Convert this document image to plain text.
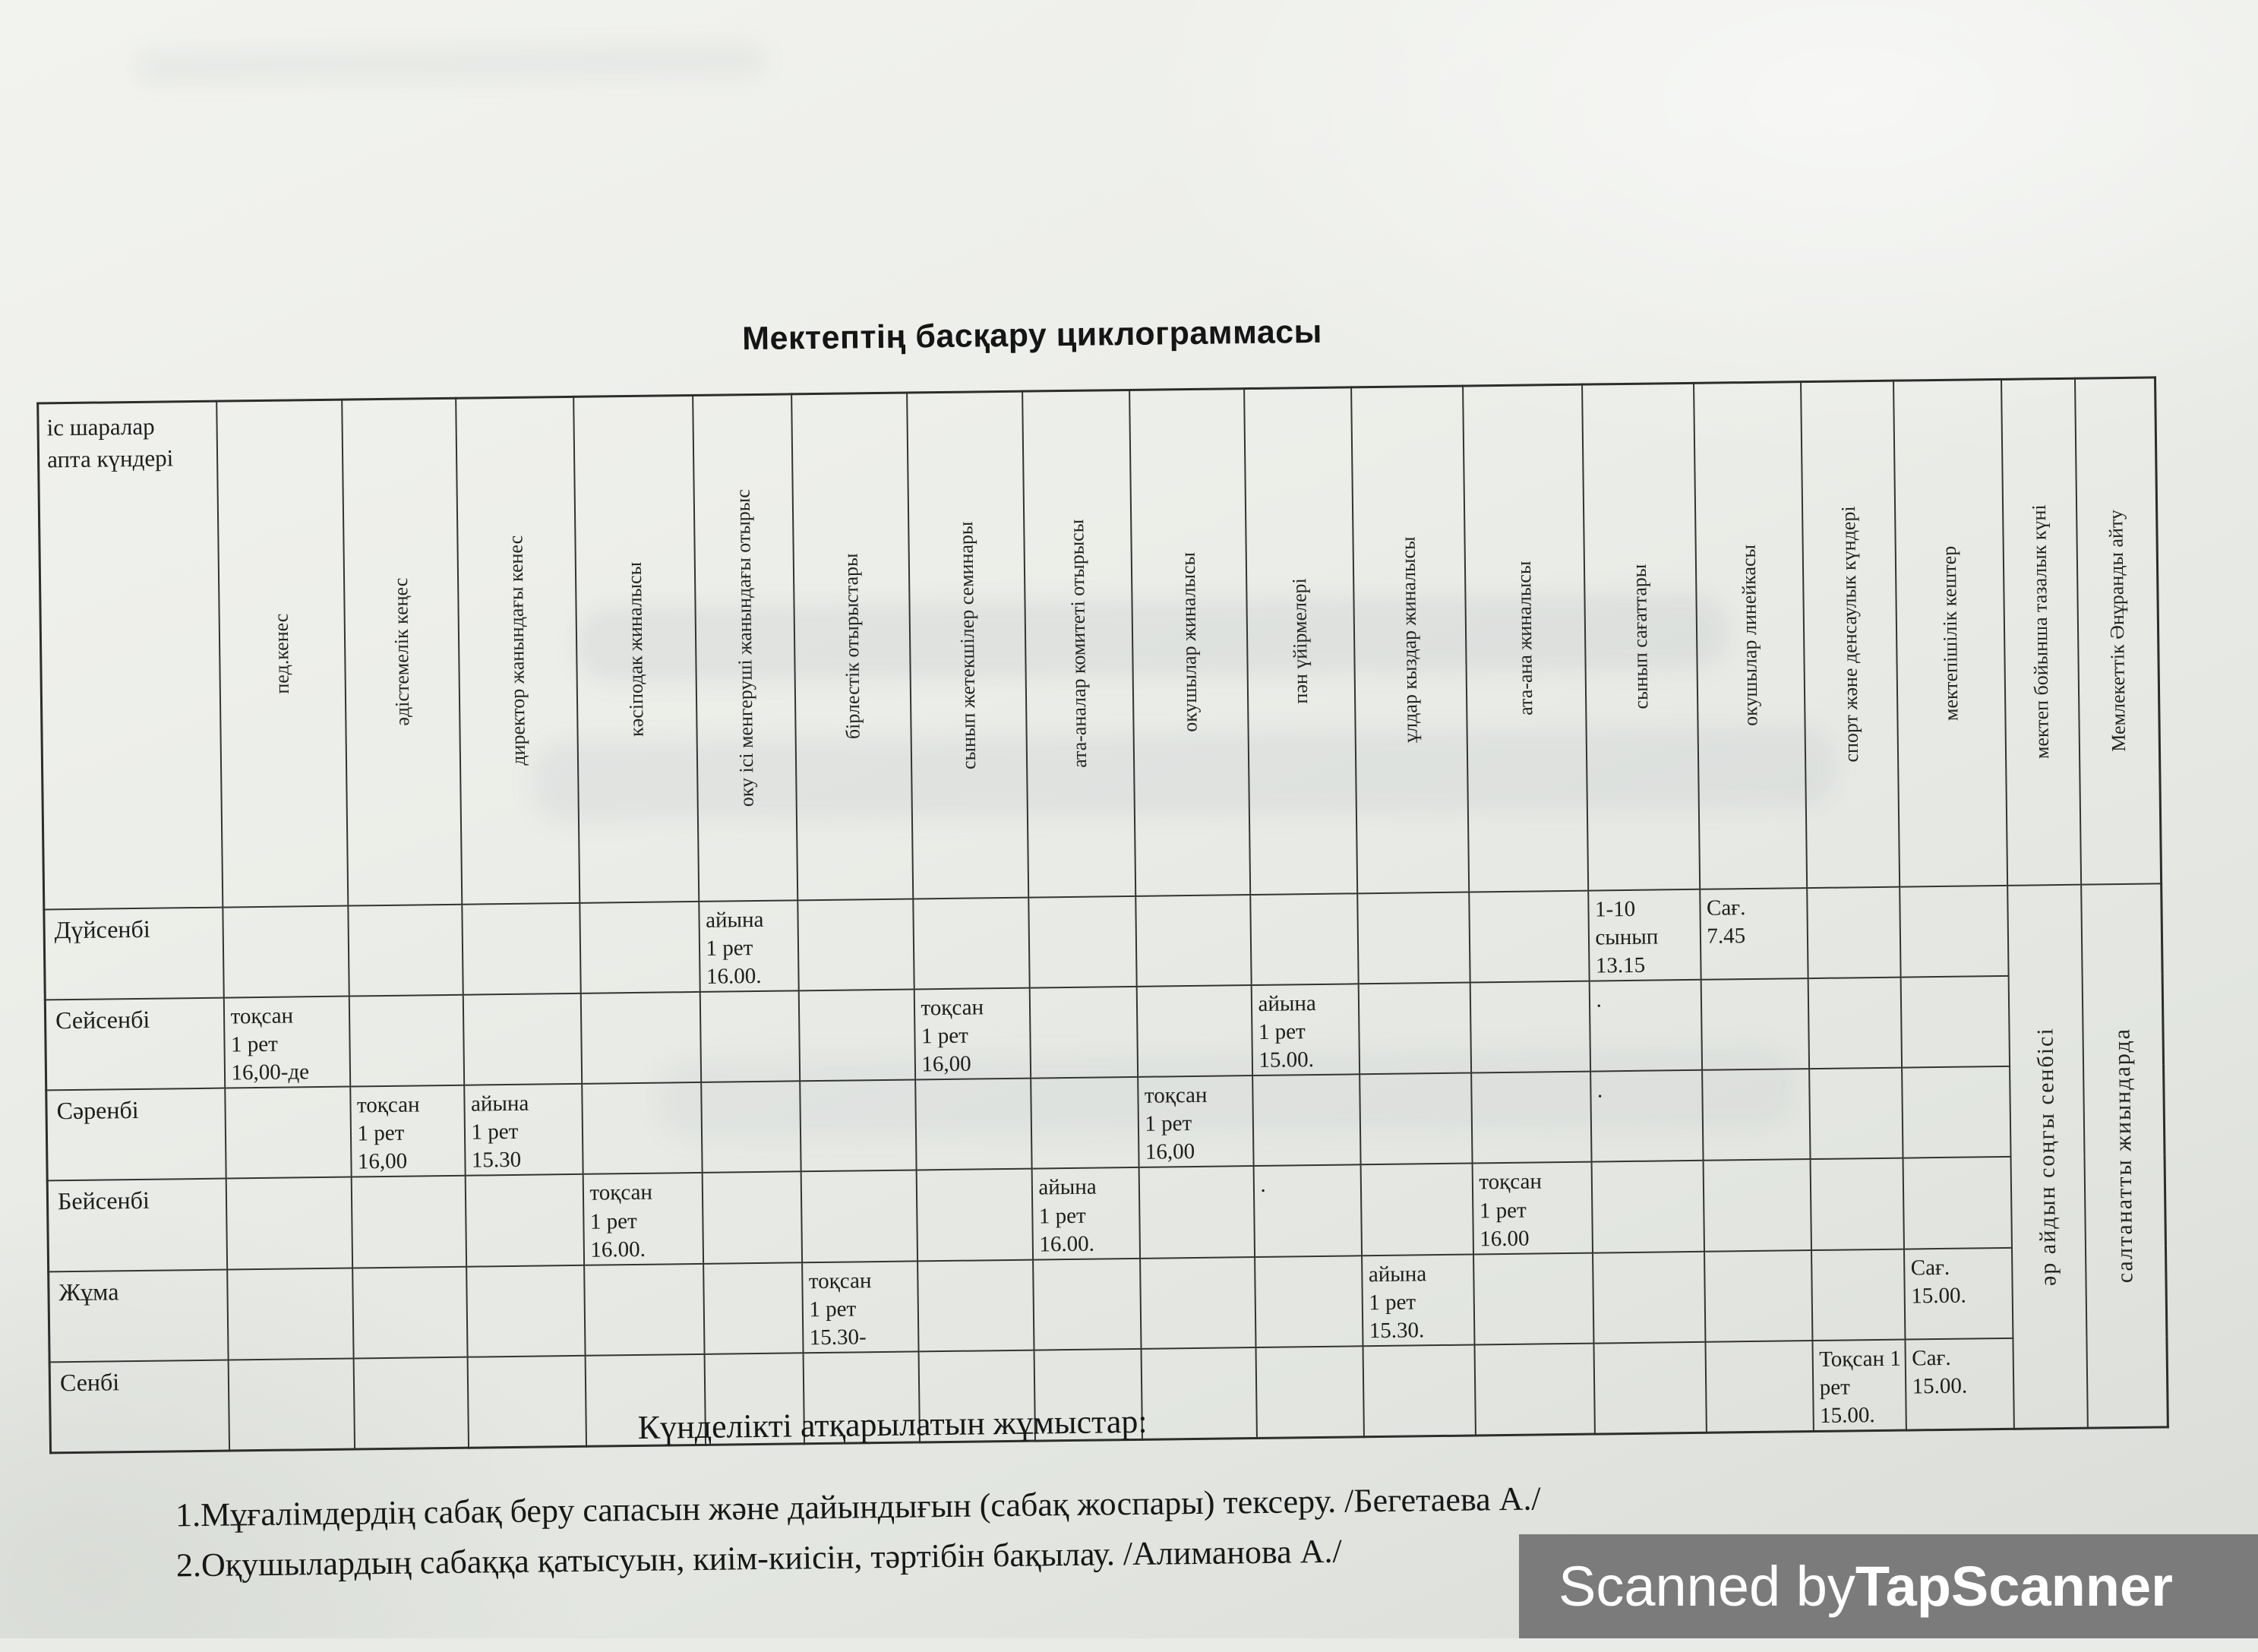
Мектептің басқару циклограммасы
іс шаралар
апта күндері	пед.кенес	әдістемелік кеңес	директор жанындағы кенес	кәсіподак жиналысы	оку ісі менгеруші жанындағы отырыс	бірлестік отырыстары	сынып жетекшілер семинары	ата-аналар комитеті отырысы	окушылар жиналысы	пән үйірмелері	ұлдар кыздар жиналысы	ата-ана жиналысы	сынып сағаттары	окушылар линейкасы	спорт және денсаулык күндері	мектепішілік кештер	мектеп бойынша тазалык күні	Мемлекеттік Әнұранды айту

Дүйсенбі					айына
1 рет
16.00.								1-10
сынып
13.15	Сағ.
7.45			әр айдын соңгы сенбісі	салтанатты жиындарда

Сейсенбі	тоқсан
1 рет
16,00-де						тоқсан
1 рет
16,00			айына
1 рет
15.00.			.					
Сәренбі		тоқсан
1 рет
16,00	айына
1 рет
15.30						тоқсан
1 рет
16,00				.					
Бейсенбі				тоқсан
1 рет
16.00.				айына
1 рет
16.00.		.		тоқсан
1 рет
16.00						
Жұма						тоқсан
1 рет
15.30-					айына
1 рет
15.30.					Сағ.
15.00.		
Сенбі															Тоқсан 1
рет
15.00.	Сағ.
15.00.		

Күнделікті атқарылатын жұмыстар:

1.Мұғалімдердің сабақ беру сапасын және дайындығын (сабақ жоспары) тексеру. /Бегетаева А./
2.Оқушылардың сабаққа қатысуын, киім-киісін, тәртібін бақылау. /Алиманова А./	Scanned by TapScanner
